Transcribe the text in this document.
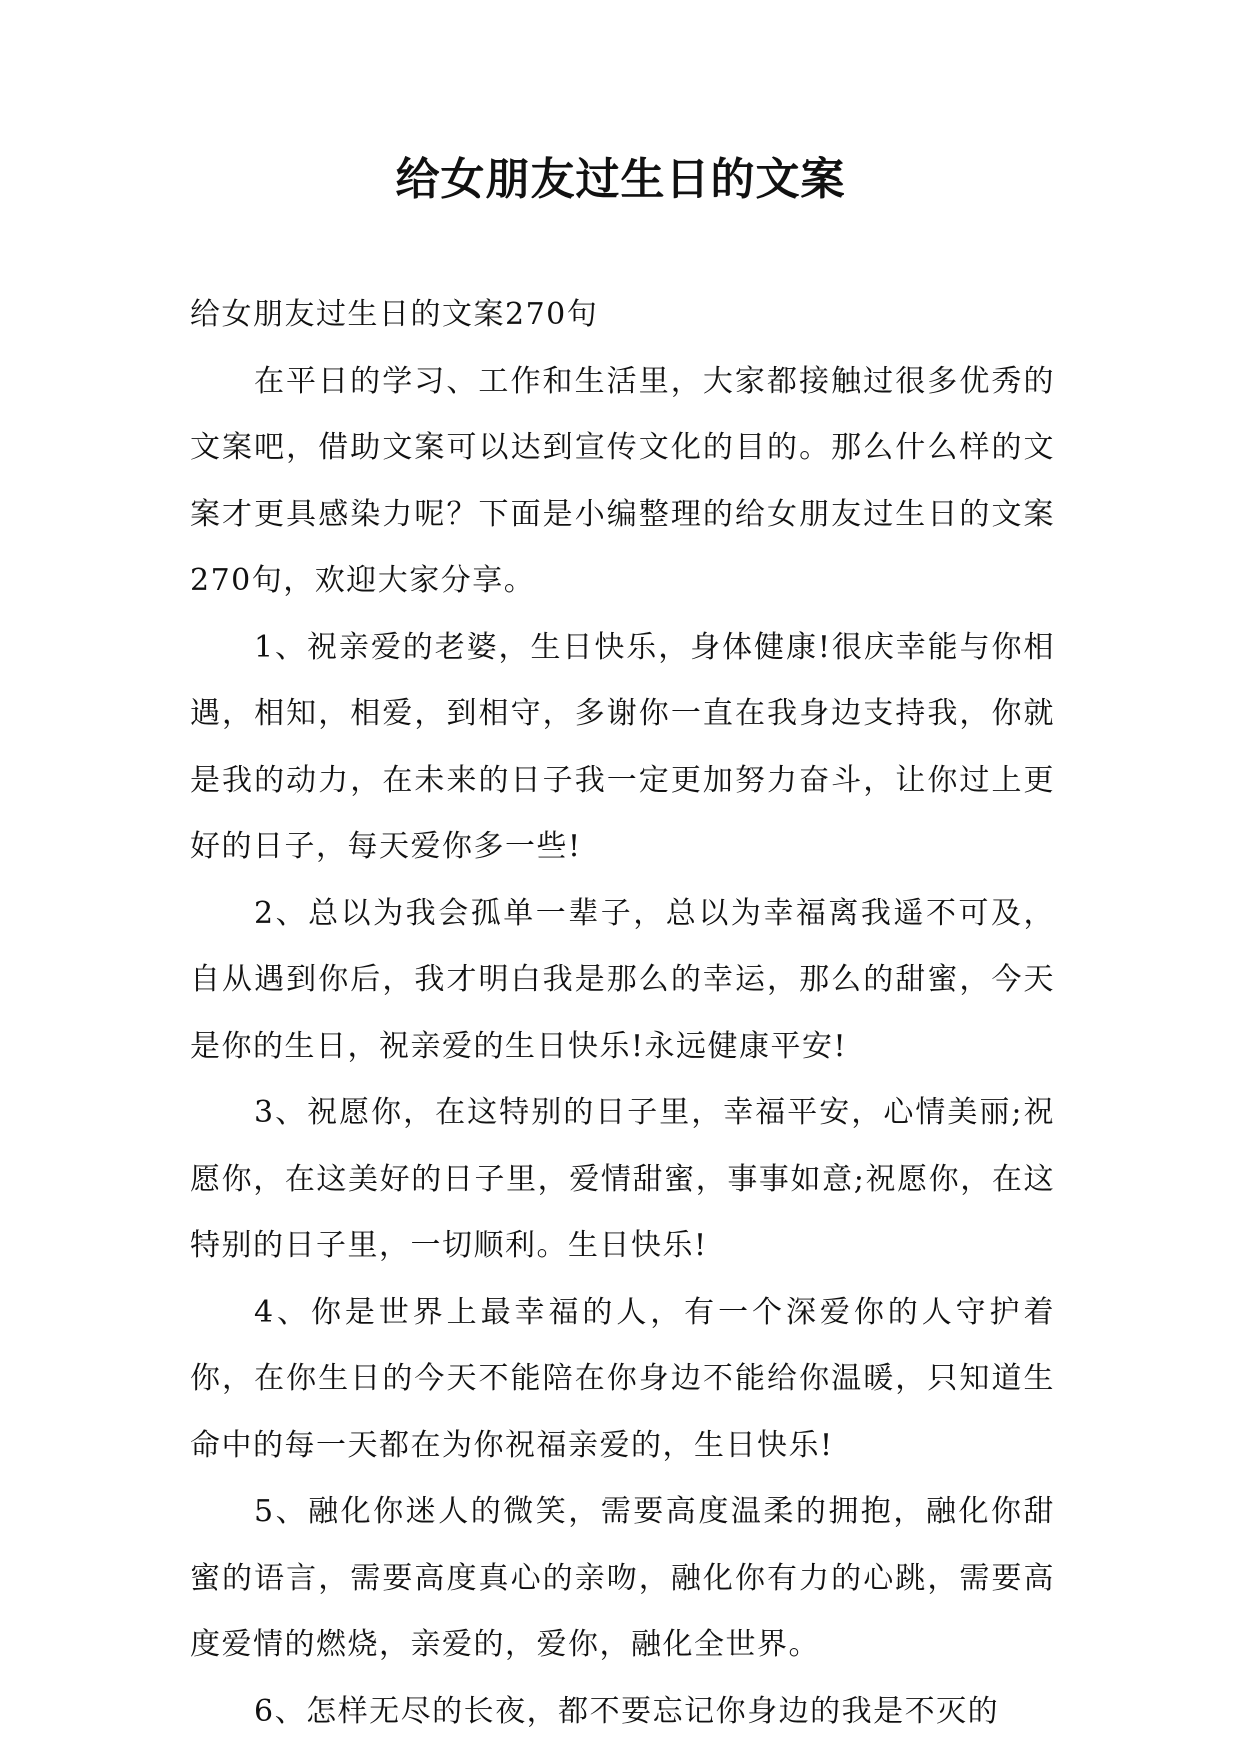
给女朋友过生日的文案

给女朋友过生日的文案270句

在平日的学习、工作和生活里，大家都接触过很多优秀的文案吧，借助文案可以达到宣传文化的目的。那么什么样的文案才更具感染力呢？下面是小编整理的给女朋友过生日的文案270句，欢迎大家分享。

1、祝亲爱的老婆，生日快乐，身体健康!很庆幸能与你相遇，相知，相爱，到相守，多谢你一直在我身边支持我，你就是我的动力，在未来的日子我一定更加努力奋斗，让你过上更好的日子，每天爱你多一些!

2、总以为我会孤单一辈子，总以为幸福离我遥不可及，自从遇到你后，我才明白我是那么的幸运，那么的甜蜜，今天是你的生日，祝亲爱的生日快乐!永远健康平安!

3、祝愿你，在这特别的日子里，幸福平安，心情美丽;祝愿你，在这美好的日子里，爱情甜蜜，事事如意;祝愿你，在这特别的日子里，一切顺利。生日快乐!

4、你是世界上最幸福的人，有一个深爱你的人守护着你，在你生日的今天不能陪在你身边不能给你温暖，只知道生命中的每一天都在为你祝福亲爱的，生日快乐!

5、融化你迷人的微笑，需要高度温柔的拥抱，融化你甜蜜的语言，需要高度真心的亲吻，融化你有力的心跳，需要高度爱情的燃烧，亲爱的，爱你，融化全世界。

6、怎样无尽的长夜，都不要忘记你身边的我是不灭的
